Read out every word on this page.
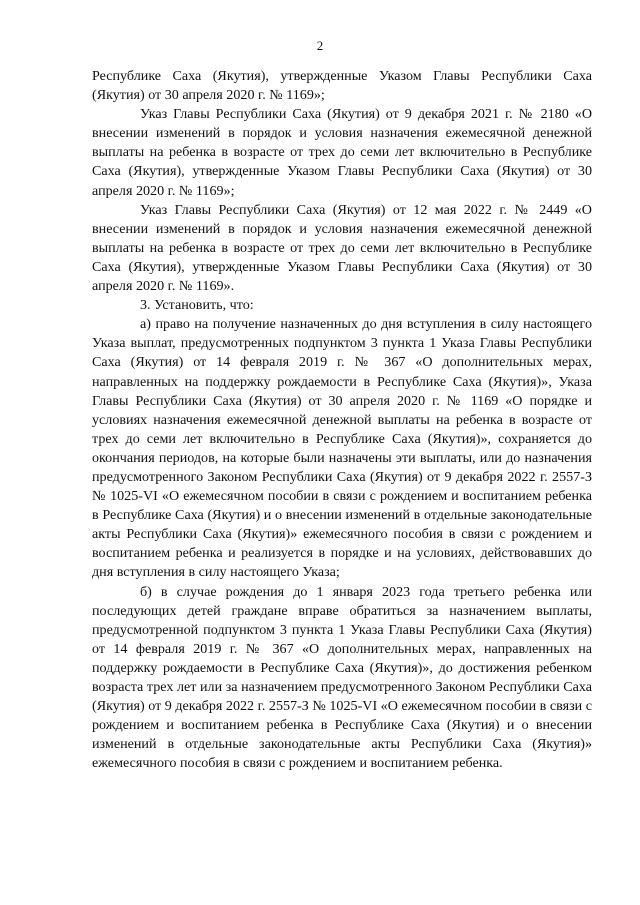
2

Республике Саха (Якутия), утвержденные Указом Главы Республики Саха (Якутия) от 30 апреля 2020 г. № 1169»;

Указ Главы Республики Саха (Якутия) от 9 декабря 2021 г. № 2180 «О внесении изменений в порядок и условия назначения ежемесячной денежной выплаты на ребенка в возрасте от трех до семи лет включительно в Республике Саха (Якутия), утвержденные Указом Главы Республики Саха (Якутия) от 30 апреля 2020 г. № 1169»;

Указ Главы Республики Саха (Якутия) от 12 мая 2022 г. № 2449 «О внесении изменений в порядок и условия назначения ежемесячной денежной выплаты на ребенка в возрасте от трех до семи лет включительно в Республике Саха (Якутия), утвержденные Указом Главы Республики Саха (Якутия) от 30 апреля 2020 г. № 1169».

3. Установить, что:

а) право на получение назначенных до дня вступления в силу настоящего Указа выплат, предусмотренных подпунктом 3 пункта 1 Указа Главы Республики Саха (Якутия) от 14 февраля 2019 г. № 367 «О дополнительных мерах, направленных на поддержку рождаемости в Республике Саха (Якутия)», Указа Главы Республики Саха (Якутия) от 30 апреля 2020 г. № 1169 «О порядке и условиях назначения ежемесячной денежной выплаты на ребенка в возрасте от трех до семи лет включительно в Республике Саха (Якутия)», сохраняется до окончания периодов, на которые были назначены эти выплаты, или до назначения предусмотренного Законом Республики Саха (Якутия) от 9 декабря 2022 г. 2557-З № 1025-VI «О ежемесячном пособии в связи с рождением и воспитанием ребенка в Республике Саха (Якутия) и о внесении изменений в отдельные законодательные акты Республики Саха (Якутия)» ежемесячного пособия в связи с рождением и воспитанием ребенка и реализуется в порядке и на условиях, действовавших до дня вступления в силу настоящего Указа;

б) в случае рождения до 1 января 2023 года третьего ребенка или последующих детей граждане вправе обратиться за назначением выплаты, предусмотренной подпунктом 3 пункта 1 Указа Главы Республики Саха (Якутия) от 14 февраля 2019 г. № 367 «О дополнительных мерах, направленных на поддержку рождаемости в Республике Саха (Якутия)», до достижения ребенком возраста трех лет или за назначением предусмотренного Законом Республики Саха (Якутия) от 9 декабря 2022 г. 2557-З № 1025-VI «О ежемесячном пособии в связи с рождением и воспитанием ребенка в Республике Саха (Якутия) и о внесении изменений в отдельные законодательные акты Республики Саха (Якутия)» ежемесячного пособия в связи с рождением и воспитанием ребенка.
